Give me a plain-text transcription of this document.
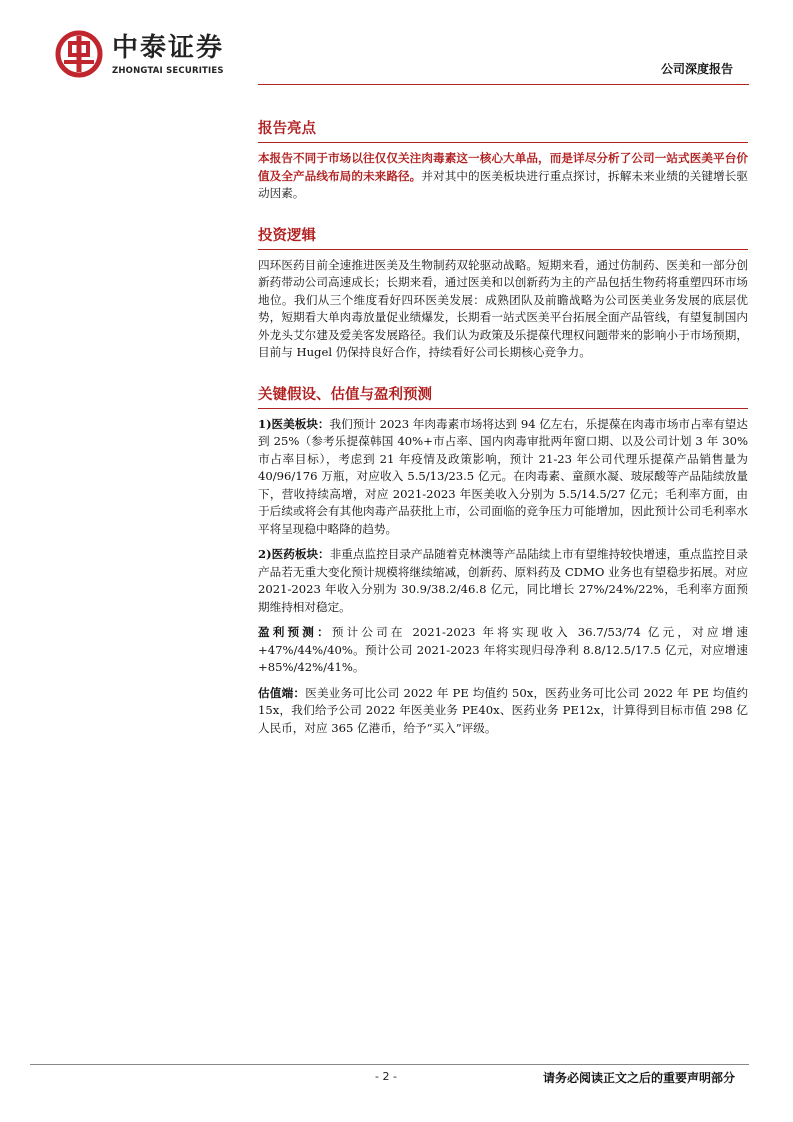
中泰证券
ZHONGTAI SECURITIES	公司深度报告
报告亮点

本报告不同于市场以往仅仅关注肉毒素这一核心大单品，而是详尽分析了公司一站式医美平台价值及全产品线布局的未来路径。并对其中的医美板块进行重点探讨，拆解未来业绩的关键增长驱动因素。

投资逻辑

四环医药目前全速推进医美及生物制药双轮驱动战略。短期来看，通过仿制药、医美和一部分创新药带动公司高速成长；长期来看，通过医美和以创新药为主的产品包括生物药将重塑四环市场地位。我们从三个维度看好四环医美发展：成熟团队及前瞻战略为公司医美业务发展的底层优势，短期看大单肉毒放量促业绩爆发，长期看一站式医美平台拓展全面产品管线，有望复制国内外龙头艾尔建及爱美客发展路径。我们认为政策及乐提葆代理权问题带来的影响小于市场预期，目前与 Hugel 仍保持良好合作，持续看好公司长期核心竞争力。

关键假设、估值与盈利预测

1)医美板块：我们预计 2023 年肉毒素市场将达到 94 亿左右，乐提葆在肉毒市场市占率有望达到 25%（参考乐提葆韩国 40%+市占率、国内肉毒审批两年窗口期、以及公司计划 3 年 30%市占率目标），考虑到 21 年疫情及政策影响，预计 21-23 年公司代理乐提葆产品销售量为 40/96/176 万瓶，对应收入 5.5/13/23.5 亿元。在肉毒素、童颜水凝、玻尿酸等产品陆续放量下，营收持续高增，对应 2021-2023 年医美收入分别为 5.5/14.5/27 亿元；毛利率方面，由于后续或将会有其他肉毒产品获批上市，公司面临的竞争压力可能增加，因此预计公司毛利率水平将呈现稳中略降的趋势。

2)医药板块：非重点监控目录产品随着克林澳等产品陆续上市有望维持较快增速，重点监控目录产品若无重大变化预计规模将继续缩减，创新药、原料药及 CDMO 业务也有望稳步拓展。对应 2021-2023 年收入分别为 30.9/38.2/46.8 亿元，同比增长 27%/24%/22%，毛利率方面预期维持相对稳定。

盈利预测：预计公司在 2021-2023 年将实现收入 36.7/53/74 亿元，对应增速+47%/44%/40%。预计公司 2021-2023 年将实现归母净利 8.8/12.5/17.5 亿元，对应增速+85%/42%/41%。

估值端：医美业务可比公司 2022 年 PE 均值约 50x，医药业务可比公司 2022 年 PE 均值约 15x，我们给予公司 2022 年医美业务 PE40x、医药业务 PE12x，计算得到目标市值 298 亿人民币，对应 365 亿港币，给予“买入”评级。

- 2 -	请务必阅读正文之后的重要声明部分
